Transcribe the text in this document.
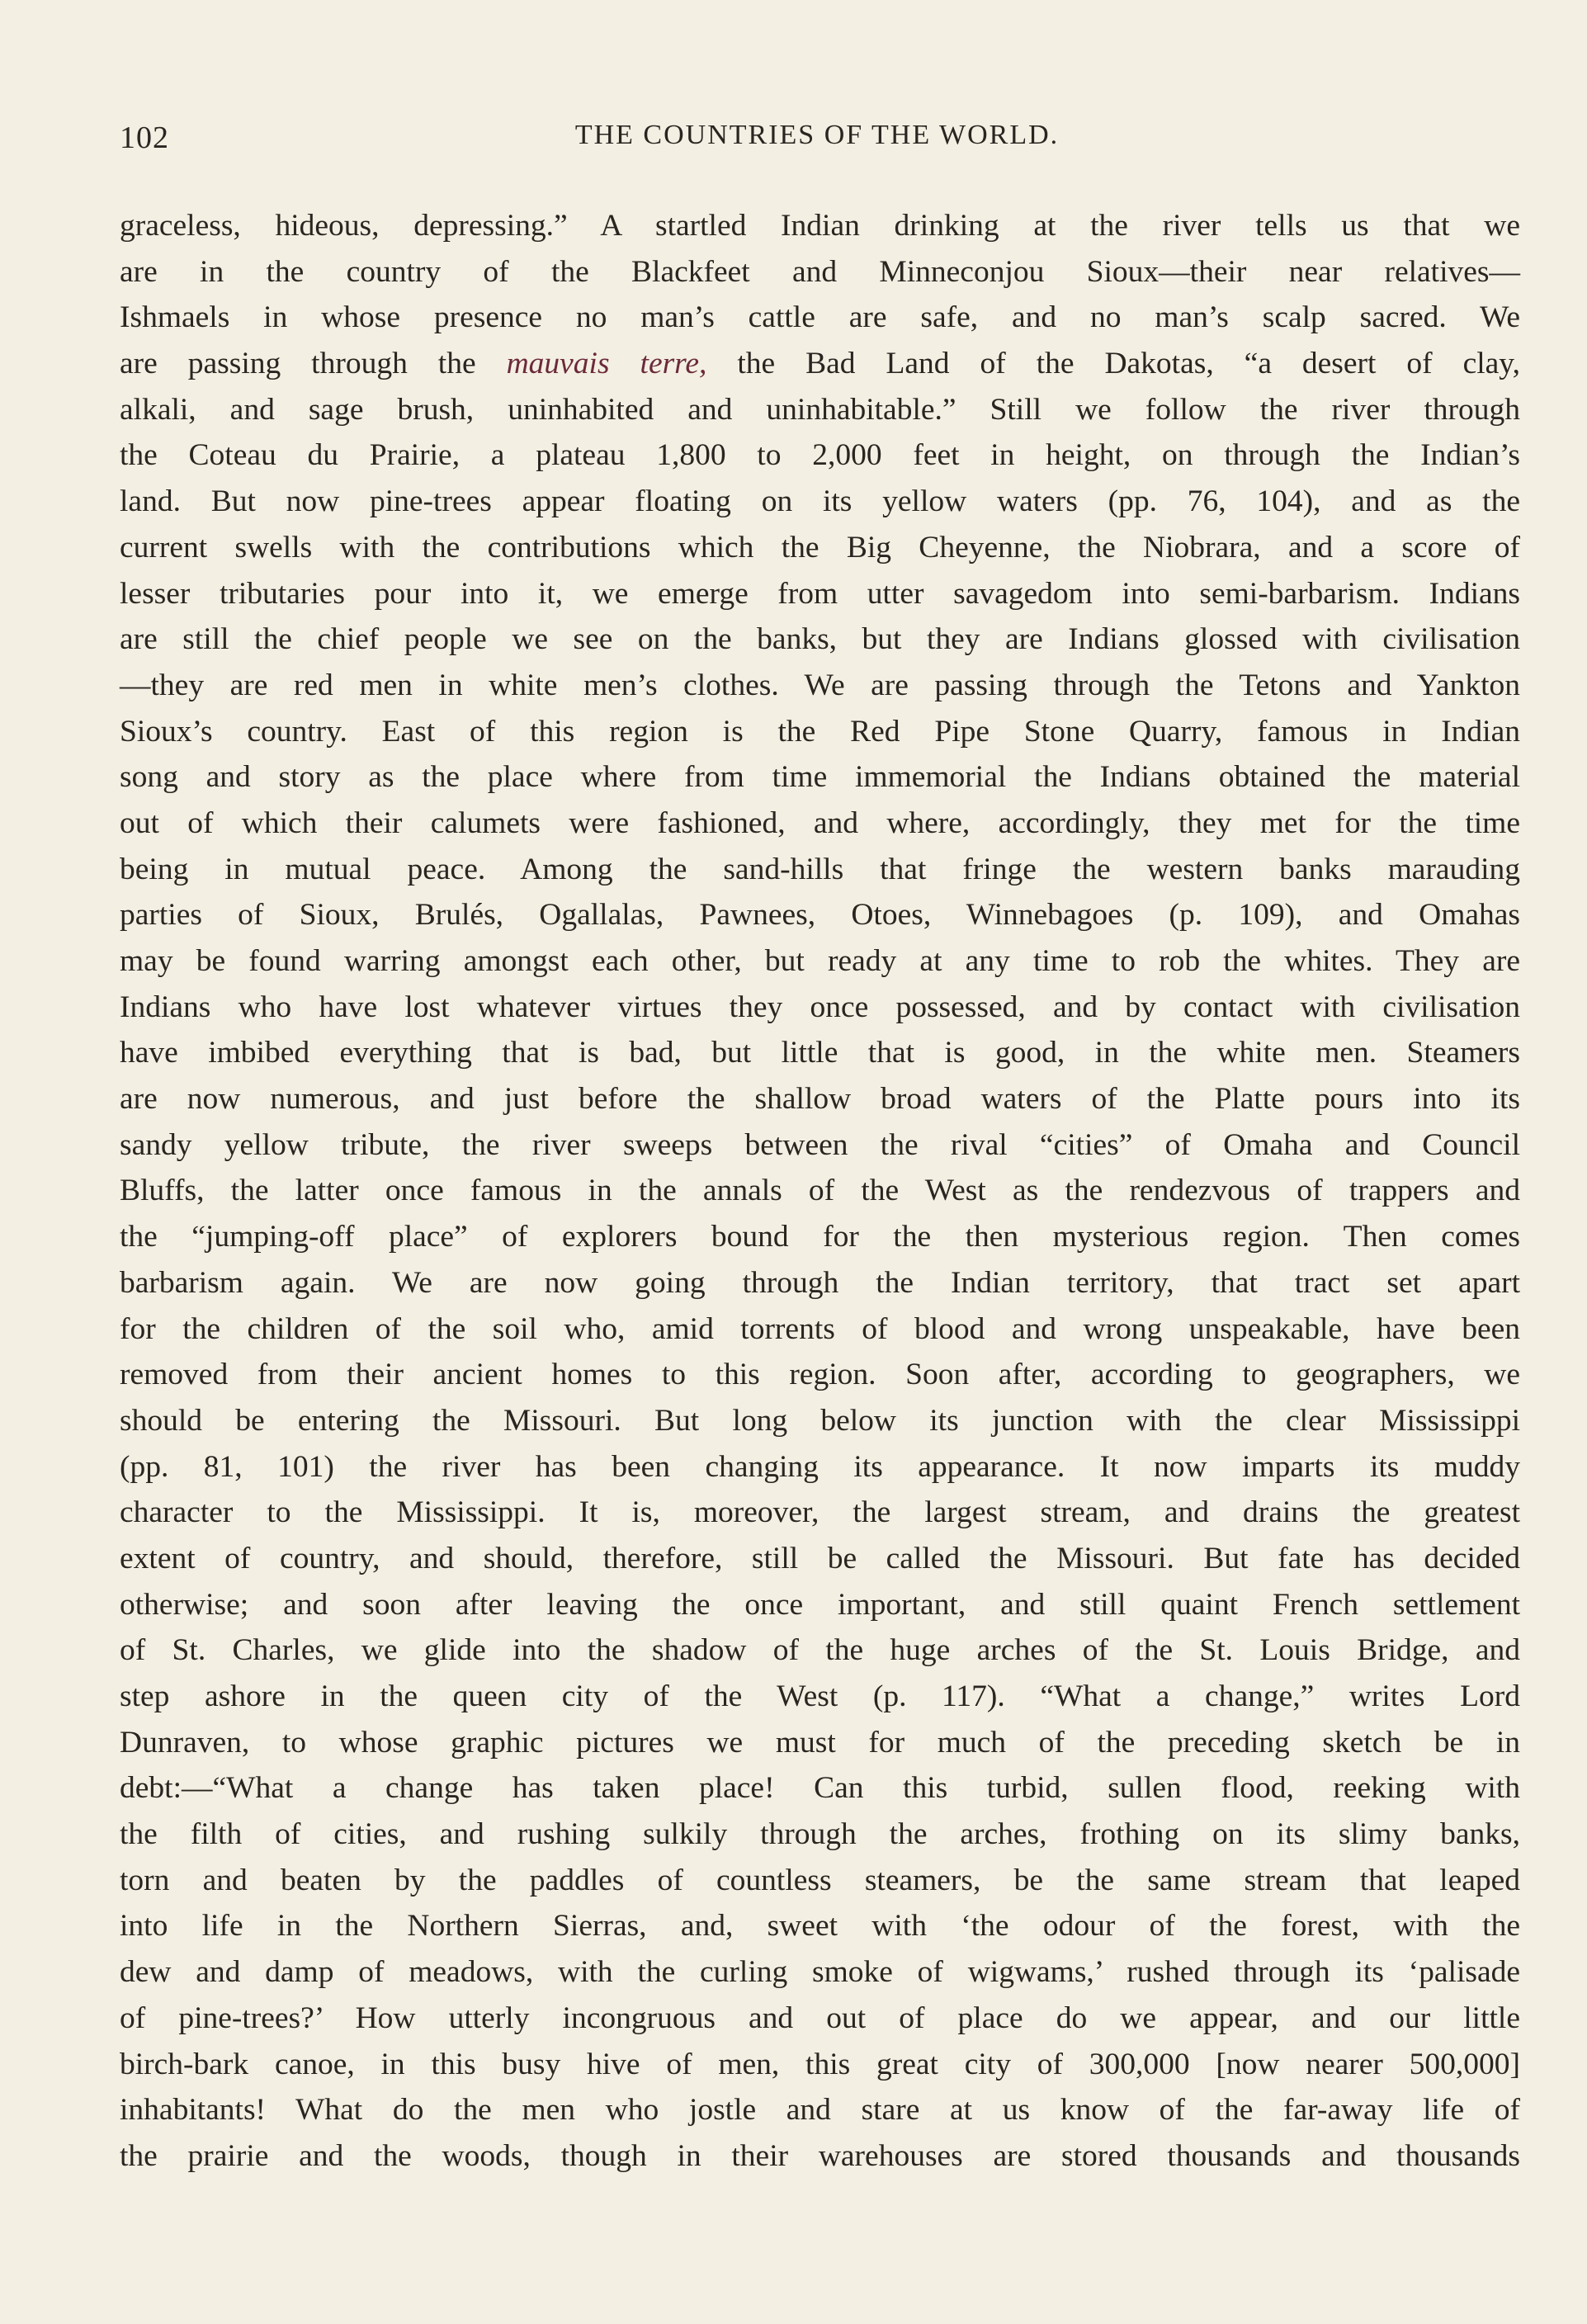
102	THE COUNTRIES OF THE WORLD.
graceless, hideous, depressing.” A startled Indian drinking at the river tells us that we
are in the country of the Blackfeet and Minneconjou Sioux—their near relatives—
Ishmaels in whose presence no man’s cattle are safe, and no man’s scalp sacred. We
are passing through the mauvais terre, the Bad Land of the Dakotas, “a desert of clay,
alkali, and sage brush, uninhabited and uninhabitable.” Still we follow the river through
the Coteau du Prairie, a plateau 1,800 to 2,000 feet in height, on through the Indian’s
land. But now pine-trees appear floating on its yellow waters (pp. 76, 104), and as the
current swells with the contributions which the Big Cheyenne, the Niobrara, and a score of
lesser tributaries pour into it, we emerge from utter savagedom into semi-barbarism. Indians
are still the chief people we see on the banks, but they are Indians glossed with civilisation
—they are red men in white men’s clothes. We are passing through the Tetons and Yankton
Sioux’s country. East of this region is the Red Pipe Stone Quarry, famous in Indian
song and story as the place where from time immemorial the Indians obtained the material
out of which their calumets were fashioned, and where, accordingly, they met for the time
being in mutual peace. Among the sand-hills that fringe the western banks marauding
parties of Sioux, Brulés, Ogallalas, Pawnees, Otoes, Winnebagoes (p. 109), and Omahas
may be found warring amongst each other, but ready at any time to rob the whites. They are
Indians who have lost whatever virtues they once possessed, and by contact with civilisation
have imbibed everything that is bad, but little that is good, in the white men. Steamers
are now numerous, and just before the shallow broad waters of the Platte pours into its
sandy yellow tribute, the river sweeps between the rival “cities” of Omaha and Council
Bluffs, the latter once famous in the annals of the West as the rendezvous of trappers and
the “jumping-off place” of explorers bound for the then mysterious region. Then comes
barbarism again. We are now going through the Indian territory, that tract set apart
for the children of the soil who, amid torrents of blood and wrong unspeakable, have been
removed from their ancient homes to this region. Soon after, according to geographers, we
should be entering the Missouri. But long below its junction with the clear Mississippi
(pp. 81, 101) the river has been changing its appearance. It now imparts its muddy
character to the Mississippi. It is, moreover, the largest stream, and drains the greatest
extent of country, and should, therefore, still be called the Missouri. But fate has decided
otherwise; and soon after leaving the once important, and still quaint French settlement
of St. Charles, we glide into the shadow of the huge arches of the St. Louis Bridge, and
step ashore in the queen city of the West (p. 117). “What a change,” writes Lord
Dunraven, to whose graphic pictures we must for much of the preceding sketch be in
debt:—“What a change has taken place! Can this turbid, sullen flood, reeking with
the filth of cities, and rushing sulkily through the arches, frothing on its slimy banks,
torn and beaten by the paddles of countless steamers, be the same stream that leaped
into life in the Northern Sierras, and, sweet with ‘the odour of the forest, with the
dew and damp of meadows, with the curling smoke of wigwams,’ rushed through its ‘palisade
of pine-trees?’ How utterly incongruous and out of place do we appear, and our little
birch-bark canoe, in this busy hive of men, this great city of 300,000 [now nearer 500,000]
inhabitants! What do the men who jostle and stare at us know of the far-away life of
the prairie and the woods, though in their warehouses are stored thousands and thousands
